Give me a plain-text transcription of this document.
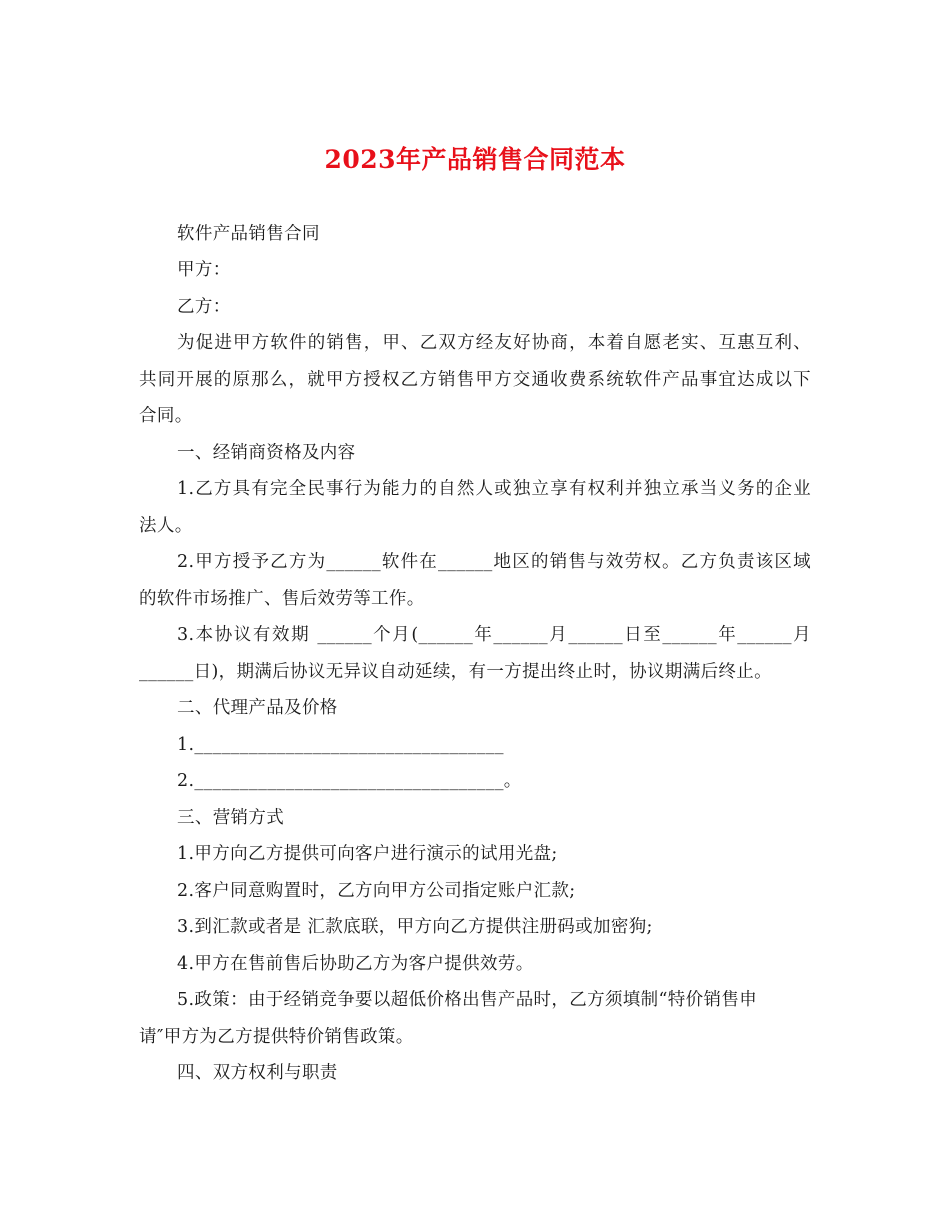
2023年产品销售合同范本
软件产品销售合同
甲方：
乙方：
为促进甲方软件的销售，甲、乙双方经友好协商，本着自愿老实、互惠互利、
共同开展的原那么，就甲方授权乙方销售甲方交通收费系统软件产品事宜达成以下
合同。
一、经销商资格及内容
1.乙方具有完全民事行为能力的自然人或独立享有权利并独立承当义务的企业
法人。
2.甲方授予乙方为______软件在______地区的销售与效劳权。乙方负责该区域
的软件市场推广、售后效劳等工作。
3.本协议有效期 ______个月(______年______月______日至______年______月
______日)，期满后协议无异议自动延续，有一方提出终止时，协议期满后终止。
二、代理产品及价格
1.__________________________________
2.__________________________________。
三、营销方式
1.甲方向乙方提供可向客户进行演示的试用光盘;
2.客户同意购置时，乙方向甲方公司指定账户汇款;
3.到汇款或者是 汇款底联，甲方向乙方提供注册码或加密狗;
4.甲方在售前售后协助乙方为客户提供效劳。
5.政策：由于经销竞争要以超低价格出售产品时，乙方须填制“特价销售申
请″甲方为乙方提供特价销售政策。
四、双方权利与职责
